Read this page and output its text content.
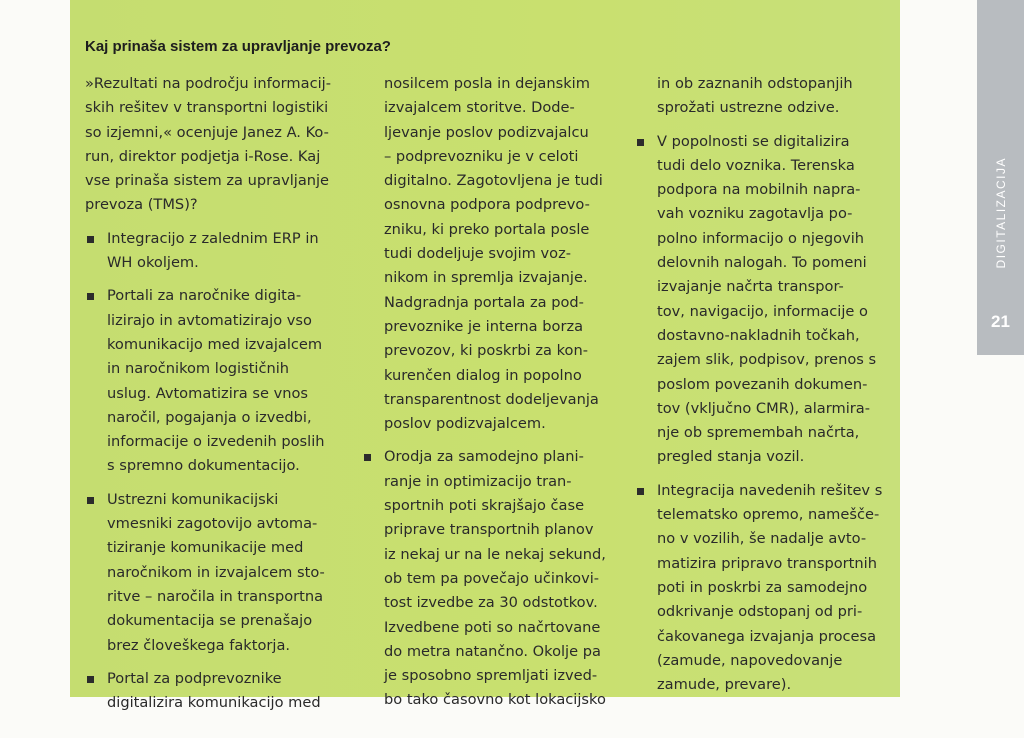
Kaj prinaša sistem za upravljanje prevoza?
»Rezultati na področju informacij-
skih rešitev v transportni logistiki
so izjemni,« ocenjuje Janez A. Ko-
run, direktor podjetja i-Rose. Kaj
vse prinaša sistem za upravljanje
prevoza (TMS)?
Integracijo z zalednim ERP in
WH okoljem.
Portali za naročnike digita-
lizirajo in avtomatizirajo vso
komunikacijo med izvajalcem
in naročnikom logističnih
uslug. Avtomatizira se vnos
naročil, pogajanja o izvedbi,
informacije o izvedenih poslih
s spremno dokumentacijo.
Ustrezni komunikacijski
vmesniki zagotovijo avtoma-
tiziranje komunikacije med
naročnikom in izvajalcem sto-
ritve – naročila in transportna
dokumentacija se prenašajo
brez človeškega faktorja.
Portal za podprevoznike
digitalizira komunikacijo med
nosilcem posla in dejanskim
izvajalcem storitve. Dode-
ljevanje poslov podizvajalcu
– podprevozniku je v celoti
digitalno. Zagotovljena je tudi
osnovna podpora podprevo-
zniku, ki preko portala posle
tudi dodeljuje svojim voz-
nikom in spremlja izvajanje.
Nadgradnja portala za pod-
prevoznike je interna borza
prevozov, ki poskrbi za kon-
kurenčen dialog in popolno
transparentnost dodeljevanja
poslov podizvajalcem.
Orodja za samodejno plani-
ranje in optimizacijo tran-
sportnih poti skrajšajo čase
priprave transportnih planov
iz nekaj ur na le nekaj sekund,
ob tem pa povečajo učinkovi-
tost izvedbe za 30 odstotkov.
Izvedbene poti so načrtovane
do metra natančno. Okolje pa
je sposobno spremljati izved-
bo tako časovno kot lokacijsko
in ob zaznanih odstopanjih
sprožati ustrezne odzive.
V popolnosti se digitalizira
tudi delo voznika. Terenska
podpora na mobilnih napra-
vah vozniku zagotavlja po-
polno informacijo o njegovih
delovnih nalogah. To pomeni
izvajanje načrta transpor-
tov, navigacijo, informacije o
dostavno-nakladnih točkah,
zajem slik, podpisov, prenos s
poslom povezanih dokumen-
tov (vključno CMR), alarmira-
nje ob spremembah načrta,
pregled stanja vozil.
Integracija navedenih rešitev s
telematsko opremo, namešče-
no v vozilih, še nadalje avto-
matizira pripravo transportnih
poti in poskrbi za samodejno
odkrivanje odstopanj od pri-
čakovanega izvajanja procesa
(zamude, napovedovanje
zamude, prevare).
DIGITALIZACIJA
21
